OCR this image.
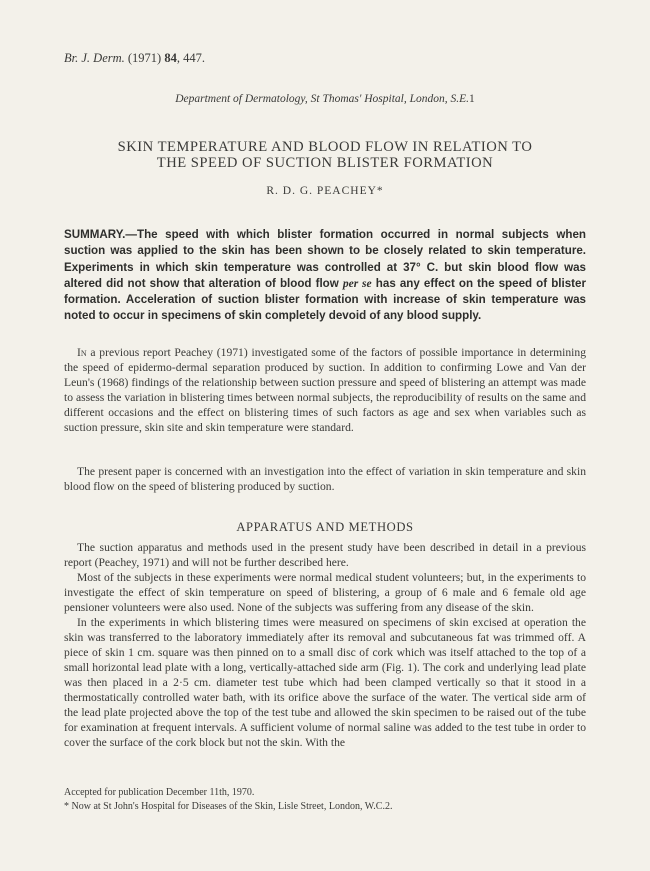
Br. J. Derm. (1971) 84, 447.
Department of Dermatology, St Thomas' Hospital, London, S.E.1
SKIN TEMPERATURE AND BLOOD FLOW IN RELATION TO
THE SPEED OF SUCTION BLISTER FORMATION
R. D. G. PEACHEY*
SUMMARY.—The speed with which blister formation occurred in normal subjects when suction was applied to the skin has been shown to be closely related to skin temperature. Experiments in which skin temperature was controlled at 37° C. but skin blood flow was altered did not show that alteration of blood flow per se has any effect on the speed of blister formation. Acceleration of suction blister formation with increase of skin temperature was noted to occur in specimens of skin completely devoid of any blood supply.
In a previous report Peachey (1971) investigated some of the factors of possible importance in determining the speed of epidermo-dermal separation produced by suction. In addition to confirming Lowe and Van der Leun's (1968) findings of the relationship between suction pressure and speed of blistering an attempt was made to assess the variation in blistering times between normal subjects, the reproducibility of results on the same and different occasions and the effect on blistering times of such factors as age and sex when variables such as suction pressure, skin site and skin temperature were standard.
The present paper is concerned with an investigation into the effect of variation in skin temperature and skin blood flow on the speed of blistering produced by suction.
APPARATUS AND METHODS
The suction apparatus and methods used in the present study have been described in detail in a previous report (Peachey, 1971) and will not be further described here.
Most of the subjects in these experiments were normal medical student volunteers; but, in the experiments to investigate the effect of skin temperature on speed of blistering, a group of 6 male and 6 female old age pensioner volunteers were also used. None of the subjects was suffering from any disease of the skin.
In the experiments in which blistering times were measured on specimens of skin excised at operation the skin was transferred to the laboratory immediately after its removal and subcutaneous fat was trimmed off. A piece of skin 1 cm. square was then pinned on to a small disc of cork which was itself attached to the top of a small horizontal lead plate with a long, vertically-attached side arm (Fig. 1). The cork and underlying lead plate was then placed in a 2·5 cm. diameter test tube which had been clamped vertically so that it stood in a thermostatically controlled water bath, with its orifice above the surface of the water. The vertical side arm of the lead plate projected above the top of the test tube and allowed the skin specimen to be raised out of the tube for examination at frequent intervals. A sufficient volume of normal saline was added to the test tube in order to cover the surface of the cork block but not the skin. With the
Accepted for publication December 11th, 1970.
* Now at St John's Hospital for Diseases of the Skin, Lisle Street, London, W.C.2.
